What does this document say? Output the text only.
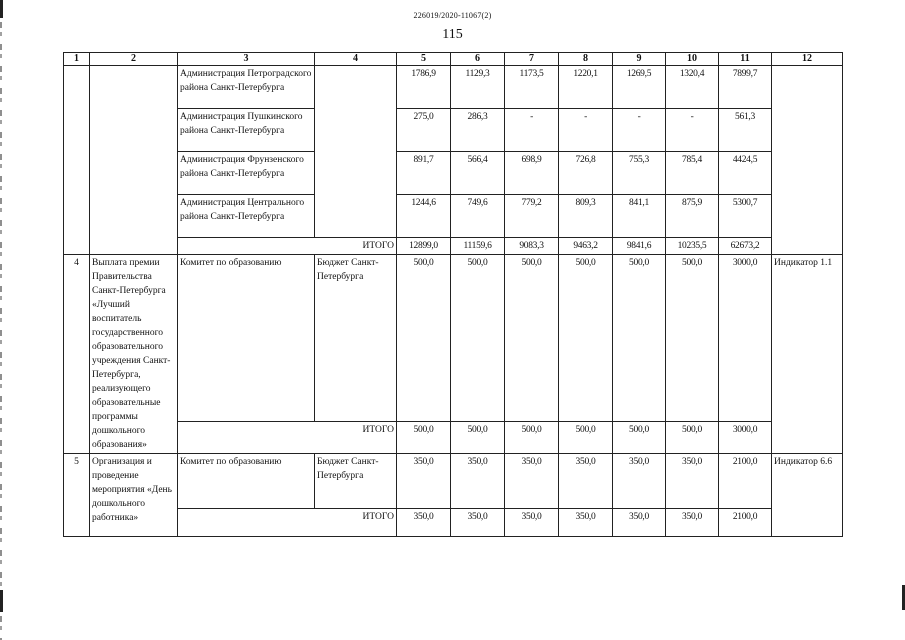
226019/2020-11067(2)
115
1	2	3	4	5	6	7	8	9	10	11	12
		Администрация Петроградского района Санкт-Петербурга		1786,9	1129,3	1173,5	1220,1	1269,5	1320,4	7899,7	
		Администрация Пушкинского района Санкт-Петербурга		275,0	286,3	-	-	-	-	561,3	
		Администрация Фрунзенского района Санкт-Петербурга		891,7	566,4	698,9	726,8	755,3	785,4	4424,5	
		Администрация Центрального района Санкт-Петербурга		1244,6	749,6	779,2	809,3	841,1	875,9	5300,7	
		ИТОГО		12899,0	11159,6	9083,3	9463,2	9841,6	10235,5	62673,2	
4	Выплата премии Правительства Санкт-Петербурга «Лучший воспитатель государственного образовательного учреждения Санкт-Петербурга, реализующего образовательные программы дошкольного образования»	Комитет по образованию	Бюджет Санкт-Петербурга	500,0	500,0	500,0	500,0	500,0	500,0	3000,0	Индикатор 1.1
		ИТОГО		500,0	500,0	500,0	500,0	500,0	500,0	3000,0	
5	Организация и проведение мероприятия «День дошкольного работника»	Комитет по образованию	Бюджет Санкт-Петербурга	350,0	350,0	350,0	350,0	350,0	350,0	2100,0	Индикатор 6.6
		ИТОГО		350,0	350,0	350,0	350,0	350,0	350,0	2100,0	
